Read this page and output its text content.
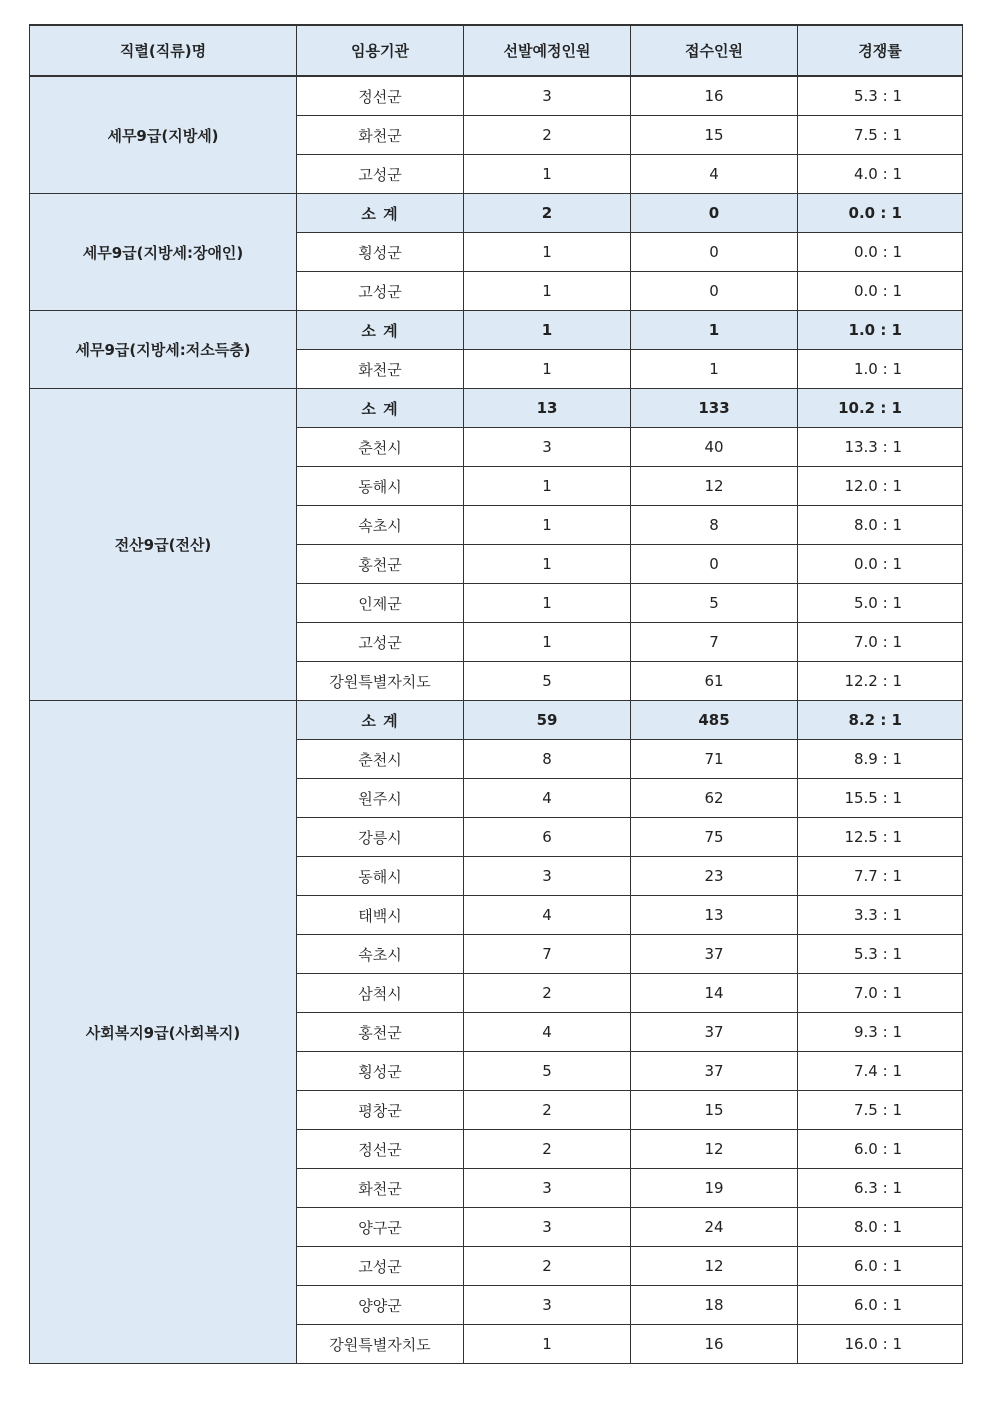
직렬(직류)명	임용기관	선발예정인원	접수인원	경쟁률
세무9급(지방세)	정선군	3	16	5.3 : 1
	화천군	2	15	7.5 : 1
	고성군	1	4	4.0 : 1
세무9급(지방세:장애인)	소 계	2	0	0.0 : 1
	횡성군	1	0	0.0 : 1
	고성군	1	0	0.0 : 1
세무9급(지방세:저소득층)	소 계	1	1	1.0 : 1
	화천군	1	1	1.0 : 1
전산9급(전산)	소 계	13	133	10.2 : 1
	춘천시	3	40	13.3 : 1
	동해시	1	12	12.0 : 1
	속초시	1	8	8.0 : 1
	홍천군	1	0	0.0 : 1
	인제군	1	5	5.0 : 1
	고성군	1	7	7.0 : 1
	강원특별자치도	5	61	12.2 : 1
사회복지9급(사회복지)	소 계	59	485	8.2 : 1
	춘천시	8	71	8.9 : 1
	원주시	4	62	15.5 : 1
	강릉시	6	75	12.5 : 1
	동해시	3	23	7.7 : 1
	태백시	4	13	3.3 : 1
	속초시	7	37	5.3 : 1
	삼척시	2	14	7.0 : 1
	홍천군	4	37	9.3 : 1
	횡성군	5	37	7.4 : 1
	평창군	2	15	7.5 : 1
	정선군	2	12	6.0 : 1
	화천군	3	19	6.3 : 1
	양구군	3	24	8.0 : 1
	고성군	2	12	6.0 : 1
	양양군	3	18	6.0 : 1
	강원특별자치도	1	16	16.0 : 1
